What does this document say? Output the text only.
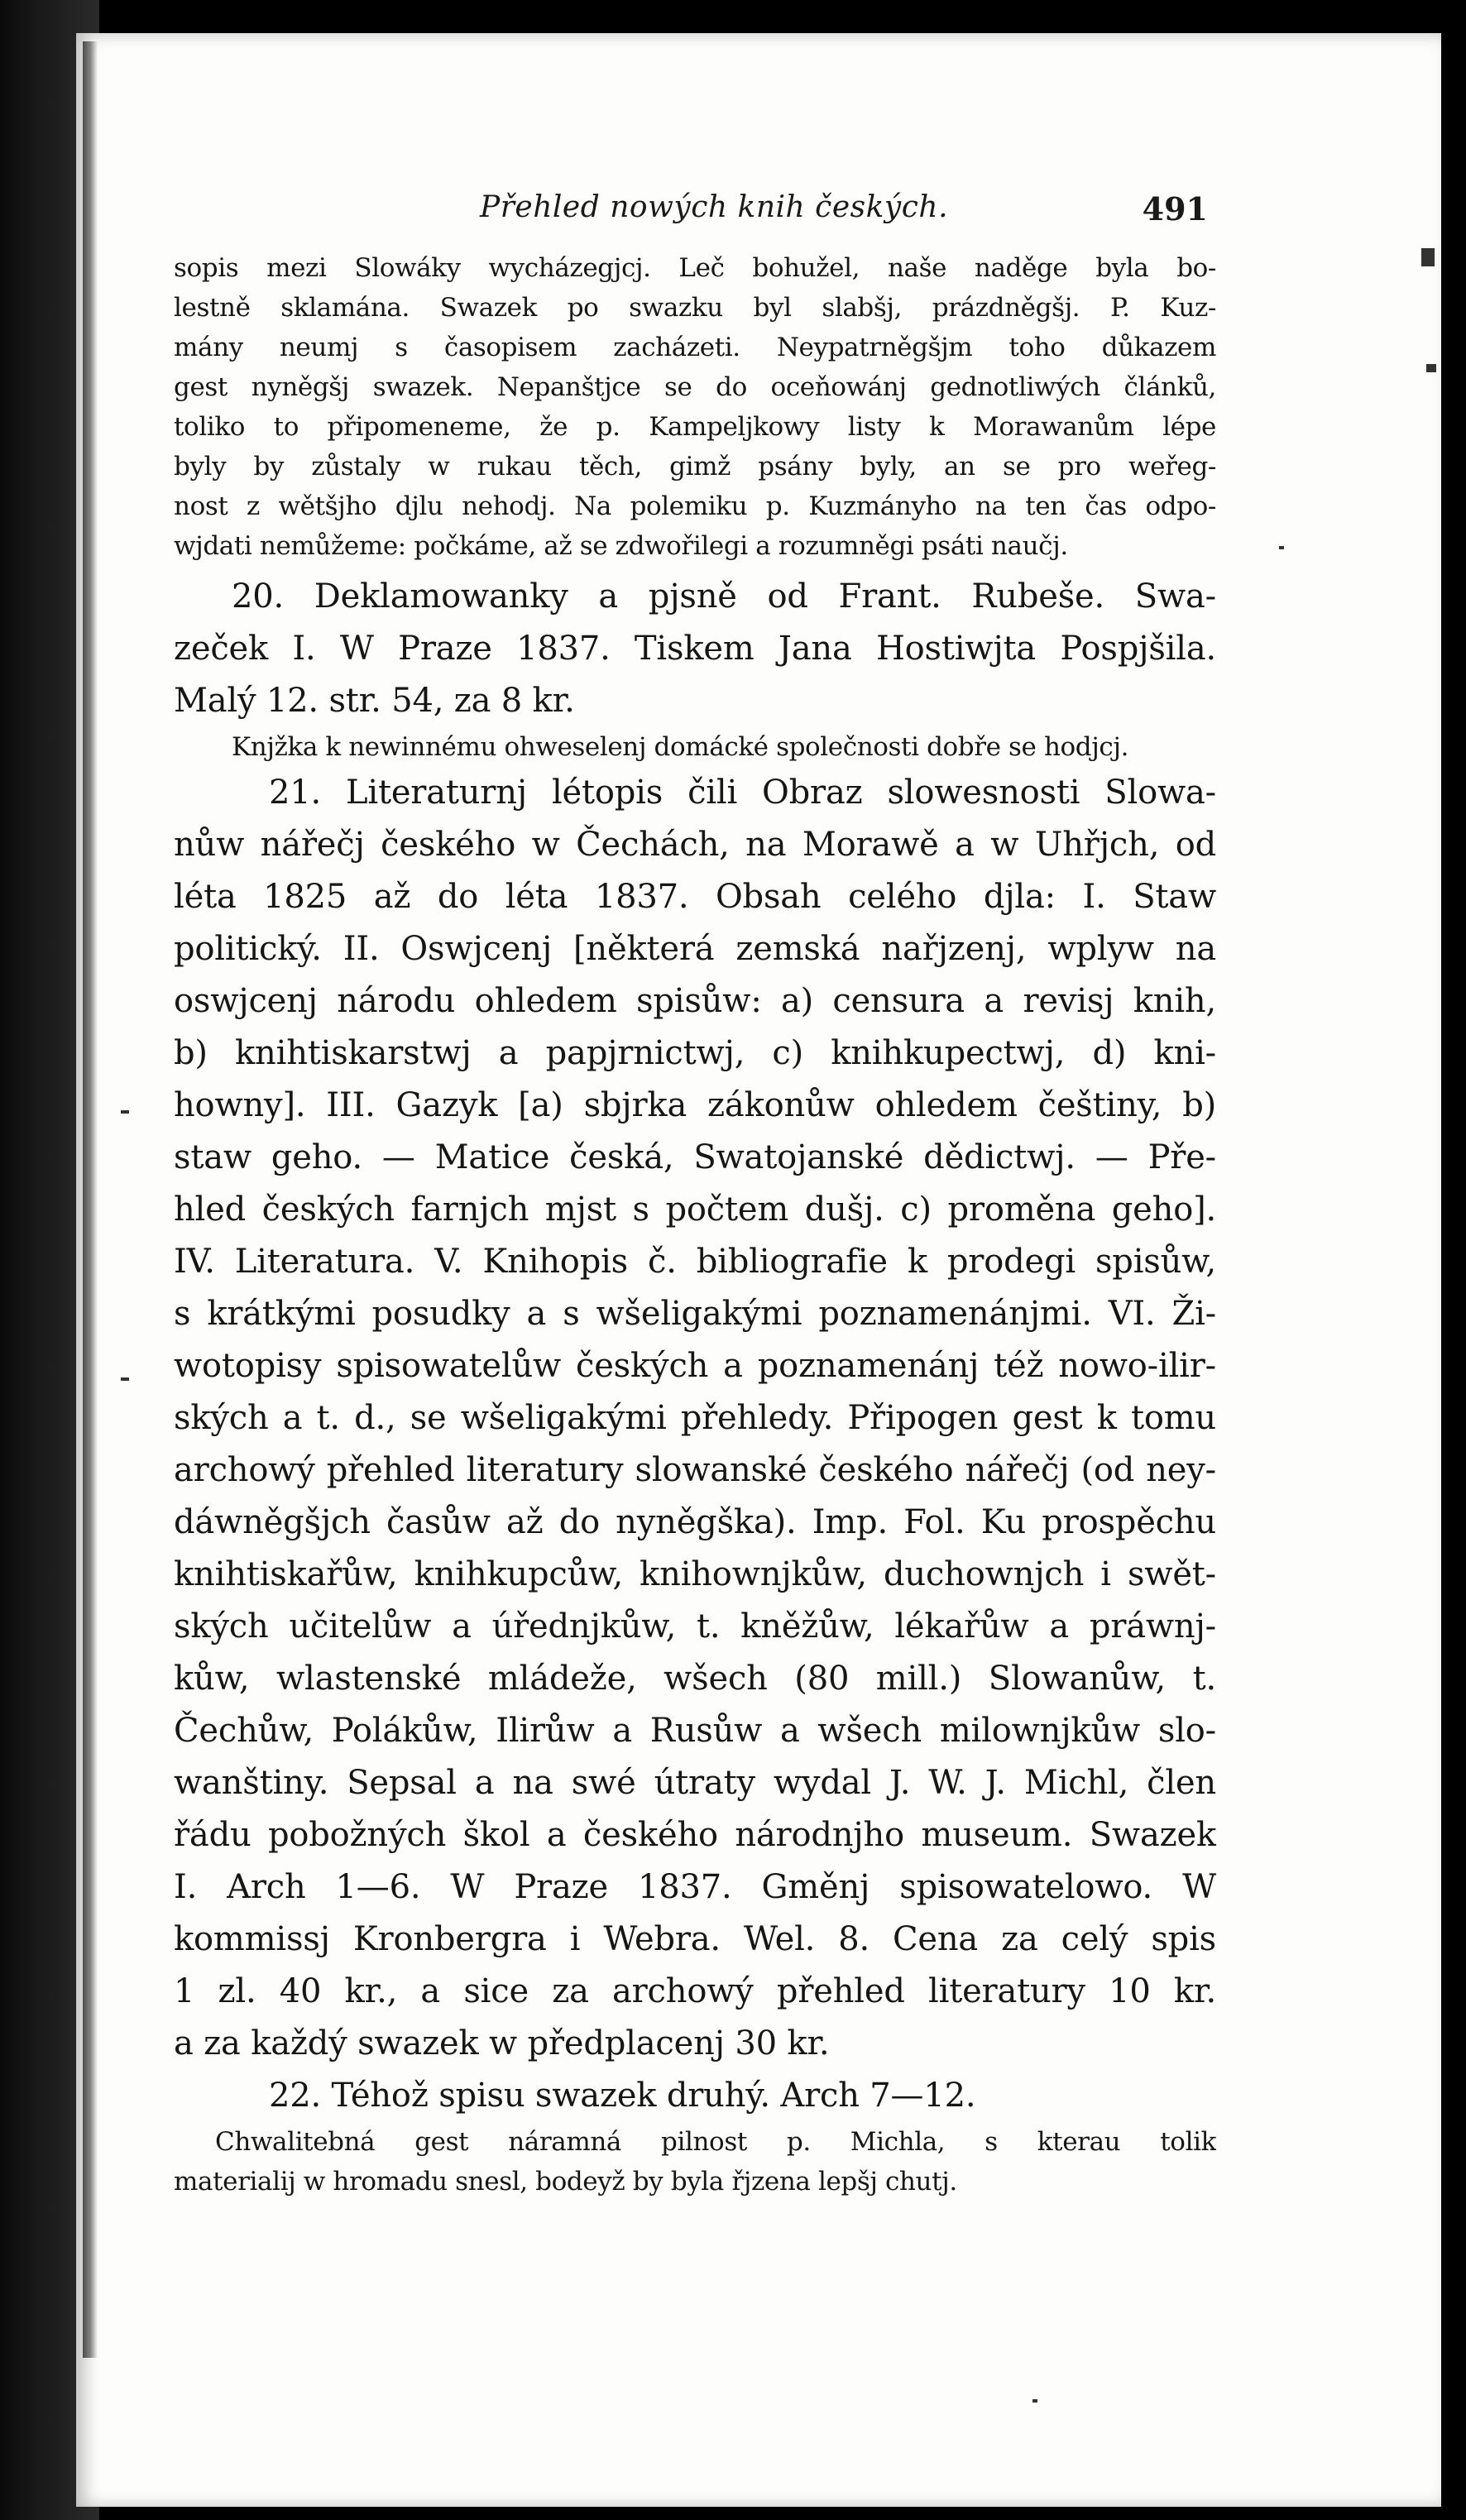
Přehled nowých knih českých.	491
sopis mezi Slowáky wycházegjcj. Leč bohužel, naše naděge byla bo-
lestně sklamána. Swazek po swazku byl slabšj, prázdněgšj. P. Kuz-
mány neumj s časopisem zacházeti. Neypatrněgšjm toho důkazem
gest nyněgšj swazek. Nepanštjce se do oceňowánj gednotliwých článků,
toliko to připomeneme, že p. Kampeljkowy listy k Morawanům lépe
byly by zůstaly w rukau těch, gimž psány byly, an se pro weřeg-
nost z wětšjho djlu nehodj. Na polemiku p. Kuzmányho na ten čas odpo-
wjdati nemůžeme: počkáme, až se zdwořilegi a rozumněgi psáti naučj.
20. Deklamowanky a pjsně od Frant. Rubeše. Swa-
zeček I. W Praze 1837. Tiskem Jana Hostiwjta Pospjšila.
Malý 12. str. 54, za 8 kr.
Knjžka k newinnému ohweselenj domácké společnosti dobře se hodjcj.
21. Literaturnj létopis čili Obraz slowesnosti Slowa-
nůw nářečj českého w Čechách, na Morawě a w Uhřjch, od
léta 1825 až do léta 1837. Obsah celého djla: I. Staw
politický. II. Oswjcenj [některá zemská nařjzenj, wplyw na
oswjcenj národu ohledem spisůw: a) censura a revisj knih,
b) knihtiskarstwj a papjrnictwj, c) knihkupectwj, d) kni-
howny]. III. Gazyk [a) sbjrka zákonůw ohledem češtiny, b)
staw geho. — Matice česká, Swatojanské dědictwj. — Pře-
hled českých farnjch mjst s počtem dušj. c) proměna geho].
IV. Literatura. V. Knihopis č. bibliografie k prodegi spisůw,
s krátkými posudky a s wšeligakými poznamenánjmi. VI. Ži-
wotopisy spisowatelůw českých a poznamenánj též nowo-ilir-
ských a t. d., se wšeligakými přehledy. Připogen gest k tomu
archowý přehled literatury slowanské českého nářečj (od ney-
dáwněgšjch časůw až do nyněgška). Imp. Fol. Ku prospěchu
knihtiskařůw, knihkupcůw, knihownjkůw, duchownjch i swět-
ských učitelůw a úřednjkůw, t. kněžůw, lékařůw a práwnj-
kůw, wlastenské mládeže, wšech (80 mill.) Slowanůw, t.
Čechůw, Polákůw, Ilirůw a Rusůw a wšech milownjkůw slo-
wanštiny. Sepsal a na swé útraty wydal J. W. J. Michl, člen
řádu pobožných škol a českého národnjho museum. Swazek
I. Arch 1—6. W Praze 1837. Gměnj spisowatelowo. W
kommissj Kronbergra i Webra. Wel. 8. Cena za celý spis
1 zl. 40 kr., a sice za archowý přehled literatury 10 kr.
a za každý swazek w předplacenj 30 kr.
22. Téhož spisu swazek druhý. Arch 7—12.
Chwalitebná gest náramná pilnost p. Michla, s kterau tolik
materialij w hromadu snesl, bodeyž by byla řjzena lepšj chutj.
